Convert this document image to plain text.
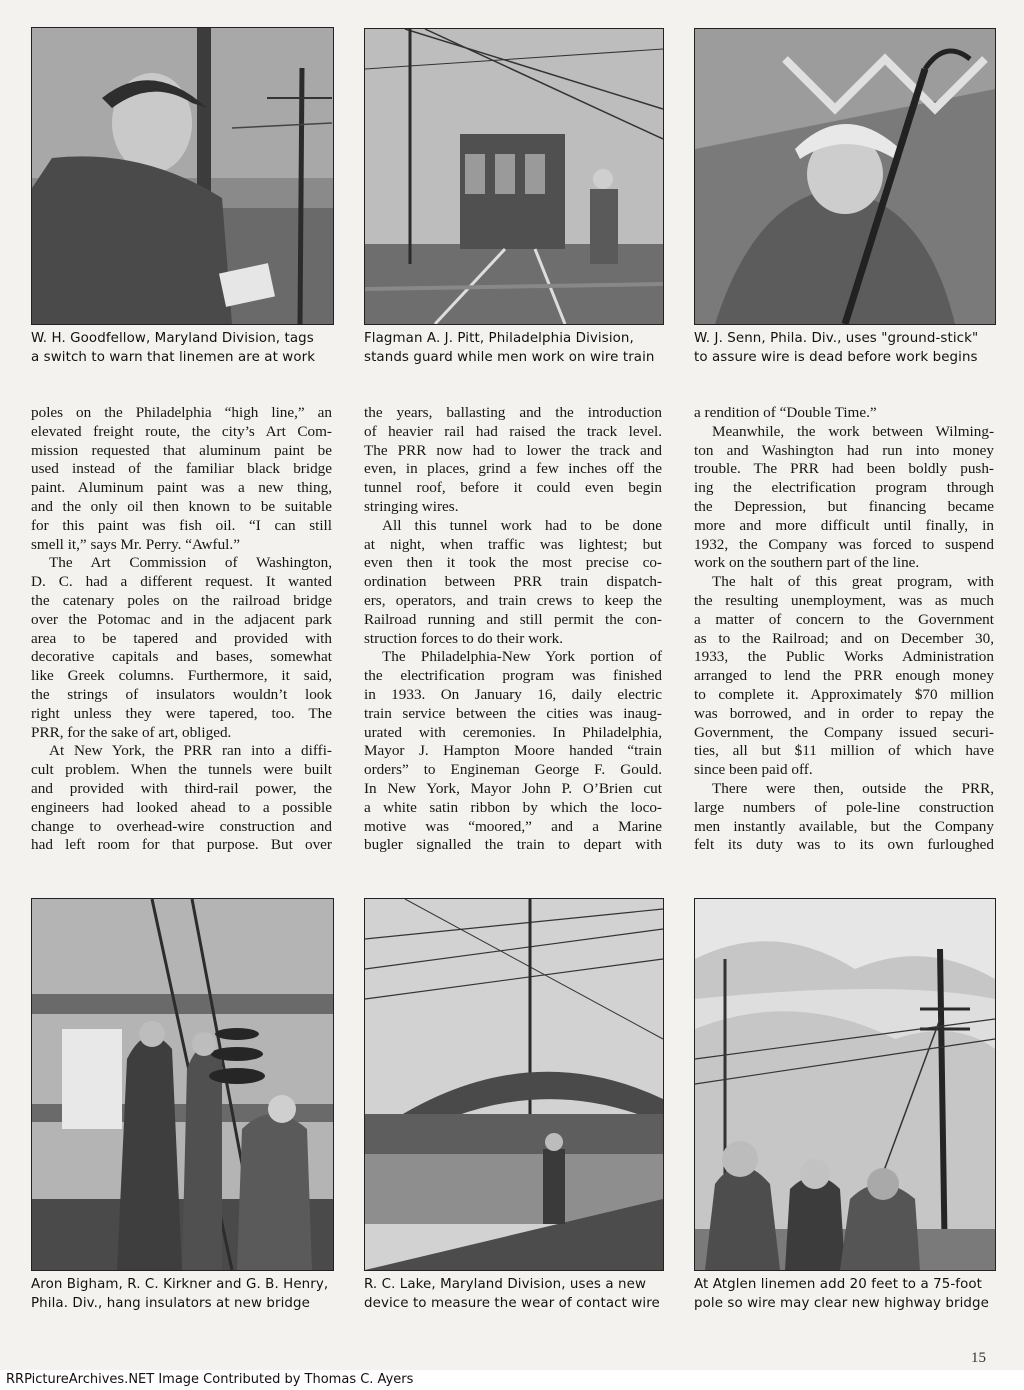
W. H. Goodfellow, Maryland Division, tags
a switch to warn that linemen are at work
Flagman A. J. Pitt, Philadelphia Division,
stands guard while men work on wire train
W. J. Senn, Phila. Div., uses "ground-stick"
to assure wire is dead before work begins
poles on the Philadelphia “high line,” an
elevated freight route, the city’s Art Com-
mission requested that aluminum paint be
used instead of the familiar black bridge
paint. Aluminum paint was a new thing,
and the only oil then known to be suitable
for this paint was fish oil. “I can still
smell it,” says Mr. Perry. “Awful.”
The Art Commission of Washington,
D. C. had a different request. It wanted
the catenary poles on the railroad bridge
over the Potomac and in the adjacent park
area to be tapered and provided with
decorative capitals and bases, somewhat
like Greek columns. Furthermore, it said,
the strings of insulators wouldn’t look
right unless they were tapered, too. The
PRR, for the sake of art, obliged.
At New York, the PRR ran into a diffi-
cult problem. When the tunnels were built
and provided with third-rail power, the
engineers had looked ahead to a possible
change to overhead-wire construction and
had left room for that purpose. But over
the years, ballasting and the introduction
of heavier rail had raised the track level.
The PRR now had to lower the track and
even, in places, grind a few inches off the
tunnel roof, before it could even begin
stringing wires.
All this tunnel work had to be done
at night, when traffic was lightest; but
even then it took the most precise co-
ordination between PRR train dispatch-
ers, operators, and train crews to keep the
Railroad running and still permit the con-
struction forces to do their work.
The Philadelphia-New York portion of
the electrification program was finished
in 1933. On January 16, daily electric
train service between the cities was inaug-
urated with ceremonies. In Philadelphia,
Mayor J. Hampton Moore handed “train
orders” to Engineman George F. Gould.
In New York, Mayor John P. O’Brien cut
a white satin ribbon by which the loco-
motive was “moored,” and a Marine
bugler signalled the train to depart with
a rendition of “Double Time.”
Meanwhile, the work between Wilming-
ton and Washington had run into money
trouble. The PRR had been boldly push-
ing the electrification program through
the Depression, but financing became
more and more difficult until finally, in
1932, the Company was forced to suspend
work on the southern part of the line.
The halt of this great program, with
the resulting unemployment, was as much
a matter of concern to the Government
as to the Railroad; and on December 30,
1933, the Public Works Administration
arranged to lend the PRR enough money
to complete it. Approximately $70 million
was borrowed, and in order to repay the
Government, the Company issued securi-
ties, all but $11 million of which have
since been paid off.
There were then, outside the PRR,
large numbers of pole-line construction
men instantly available, but the Company
felt its duty was to its own furloughed
Aron Bigham, R. C. Kirkner and G. B. Henry,
Phila. Div., hang insulators at new bridge
R. C. Lake, Maryland Division, uses a new
device to measure the wear of contact wire
At Atglen linemen add 20 feet to a 75-foot
pole so wire may clear new highway bridge
15
RRPictureArchives.NET Image Contributed by Thomas C. Ayers
